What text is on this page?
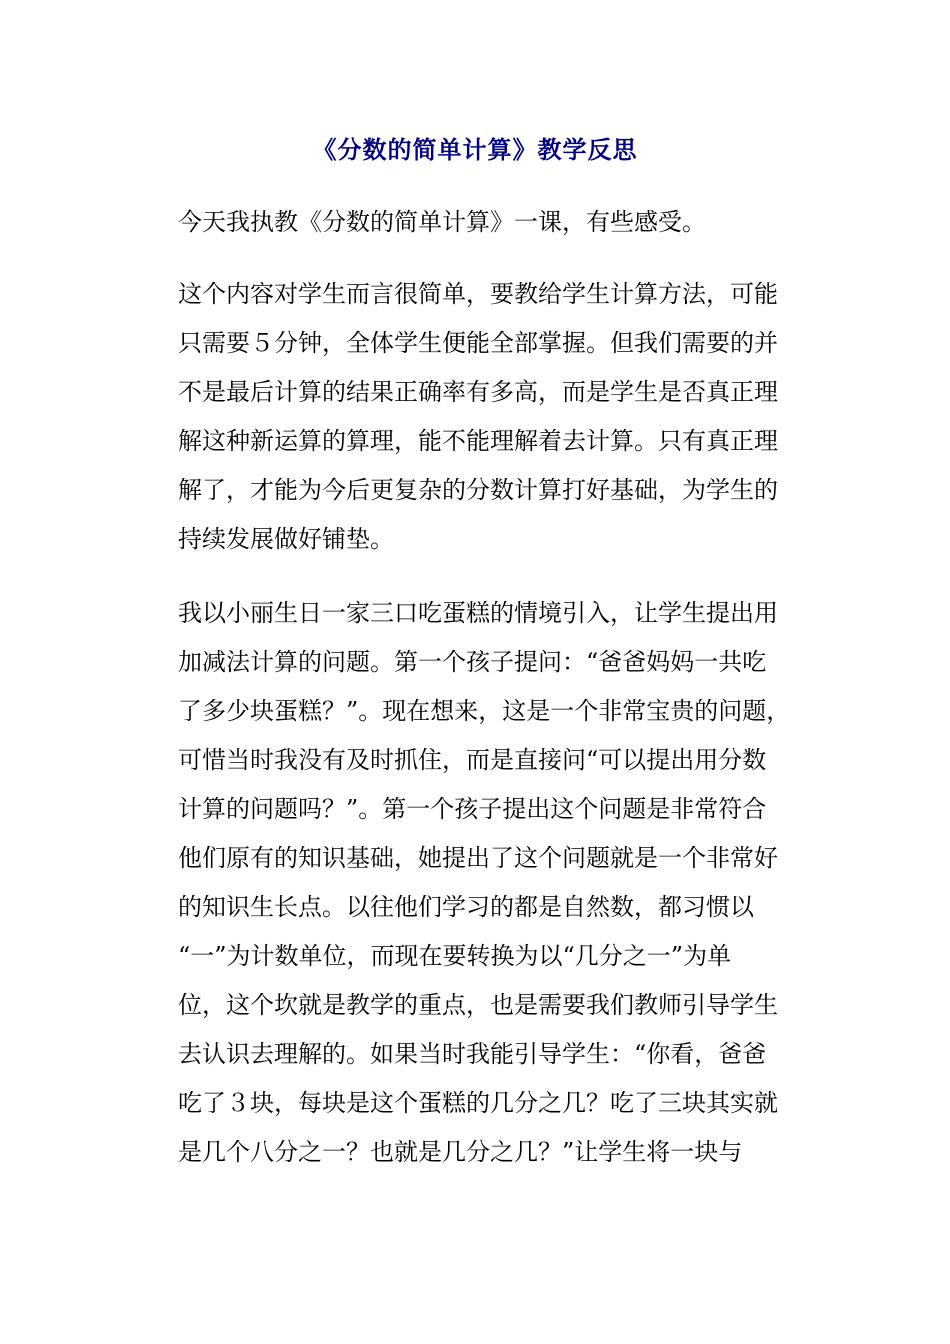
《分数的简单计算》教学反思

今天我执教《分数的简单计算》一课，有些感受。

这个内容对学生而言很简单，要教给学生计算方法，可能
只需要５分钟，全体学生便能全部掌握。但我们需要的并
不是最后计算的结果正确率有多高，而是学生是否真正理
解这种新运算的算理，能不能理解着去计算。只有真正理
解了，才能为今后更复杂的分数计算打好基础，为学生的
持续发展做好铺垫。

我以小丽生日一家三口吃蛋糕的情境引入，让学生提出用
加减法计算的问题。第一个孩子提问：“爸爸妈妈一共吃
了多少块蛋糕？”。现在想来，这是一个非常宝贵的问题，
可惜当时我没有及时抓住，而是直接问“可以提出用分数
计算的问题吗？”。第一个孩子提出这个问题是非常符合
他们原有的知识基础，她提出了这个问题就是一个非常好
的知识生长点。以往他们学习的都是自然数，都习惯以
“一”为计数单位，而现在要转换为以“几分之一”为单
位，这个坎就是教学的重点，也是需要我们教师引导学生
去认识去理解的。如果当时我能引导学生：“你看，爸爸
吃了３块，每块是这个蛋糕的几分之几？吃了三块其实就
是几个八分之一？也就是几分之几？”让学生将一块与
